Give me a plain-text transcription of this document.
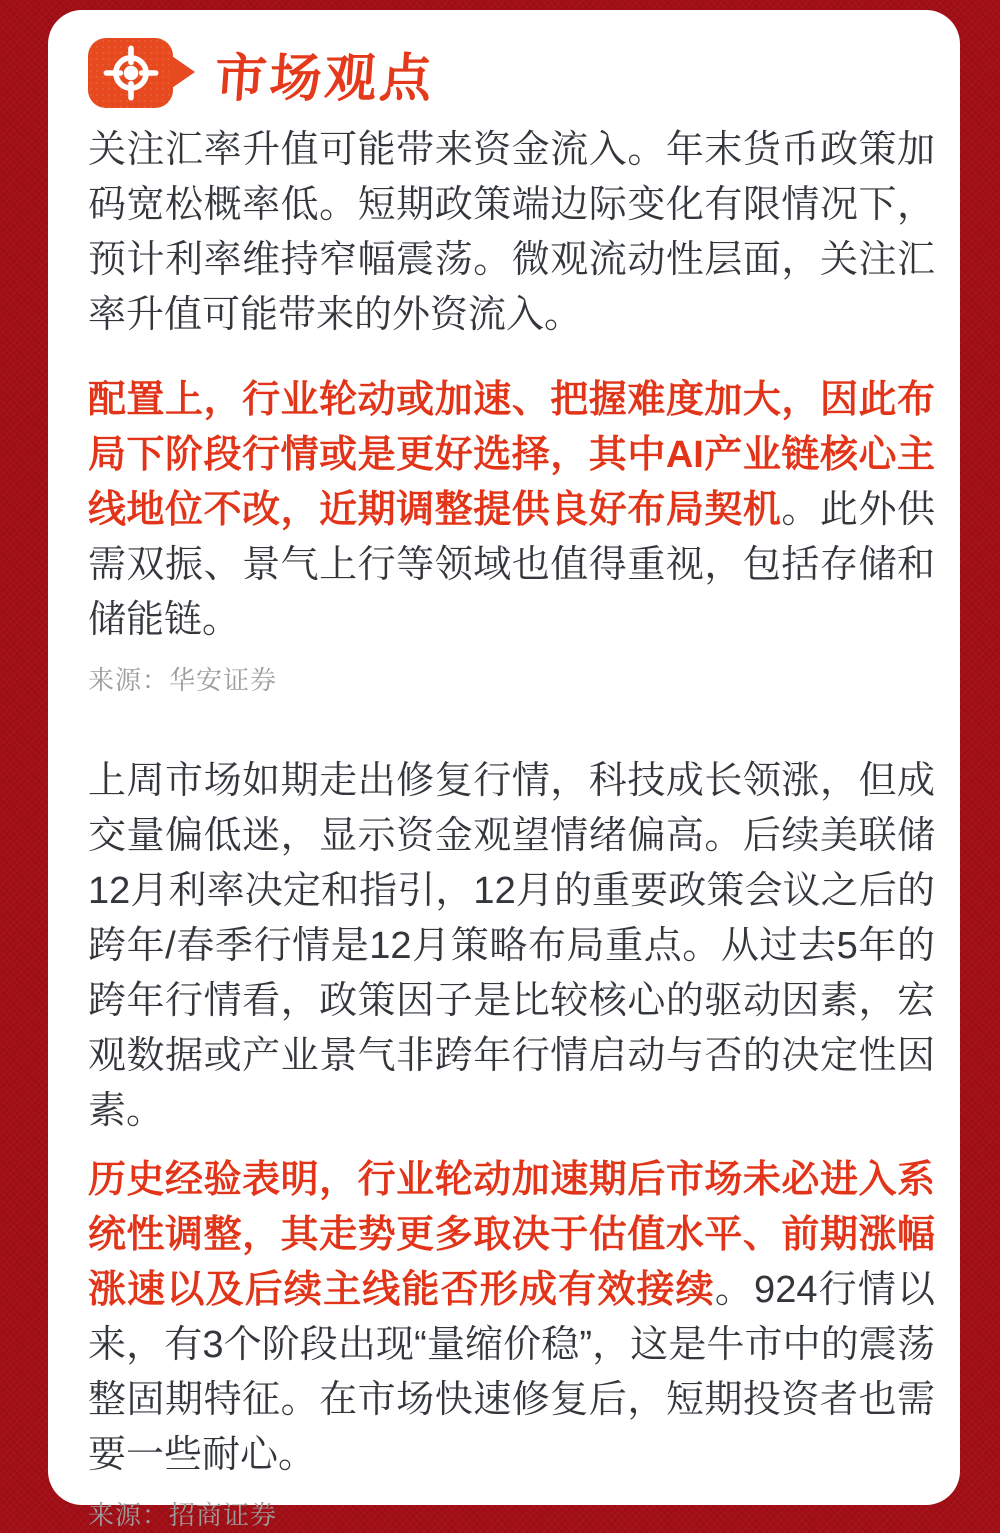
市场观点

关注汇率升值可能带来资金流入。年末货币政策加码宽松概率低。短期政策端边际变化有限情况下，预计利率维持窄幅震荡。微观流动性层面，关注汇率升值可能带来的外资流入。

配置上，行业轮动或加速、把握难度加大，因此布局下阶段行情或是更好选择，其中AI产业链核心主线地位不改，近期调整提供良好布局契机。此外供需双振、景气上行等领域也值得重视，包括存储和储能链。

来源：华安证券

上周市场如期走出修复行情，科技成长领涨，但成交量偏低迷，显示资金观望情绪偏高。后续美联储12月利率决定和指引，12月的重要政策会议之后的跨年/春季行情是12月策略布局重点。从过去5年的跨年行情看，政策因子是比较核心的驱动因素，宏观数据或产业景气非跨年行情启动与否的决定性因素。

历史经验表明，行业轮动加速期后市场未必进入系统性调整，其走势更多取决于估值水平、前期涨幅涨速以及后续主线能否形成有效接续。924行情以来，有3个阶段出现“量缩价稳”，这是牛市中的震荡整固期特征。在市场快速修复后，短期投资者也需要一些耐心。

来源：招商证券
